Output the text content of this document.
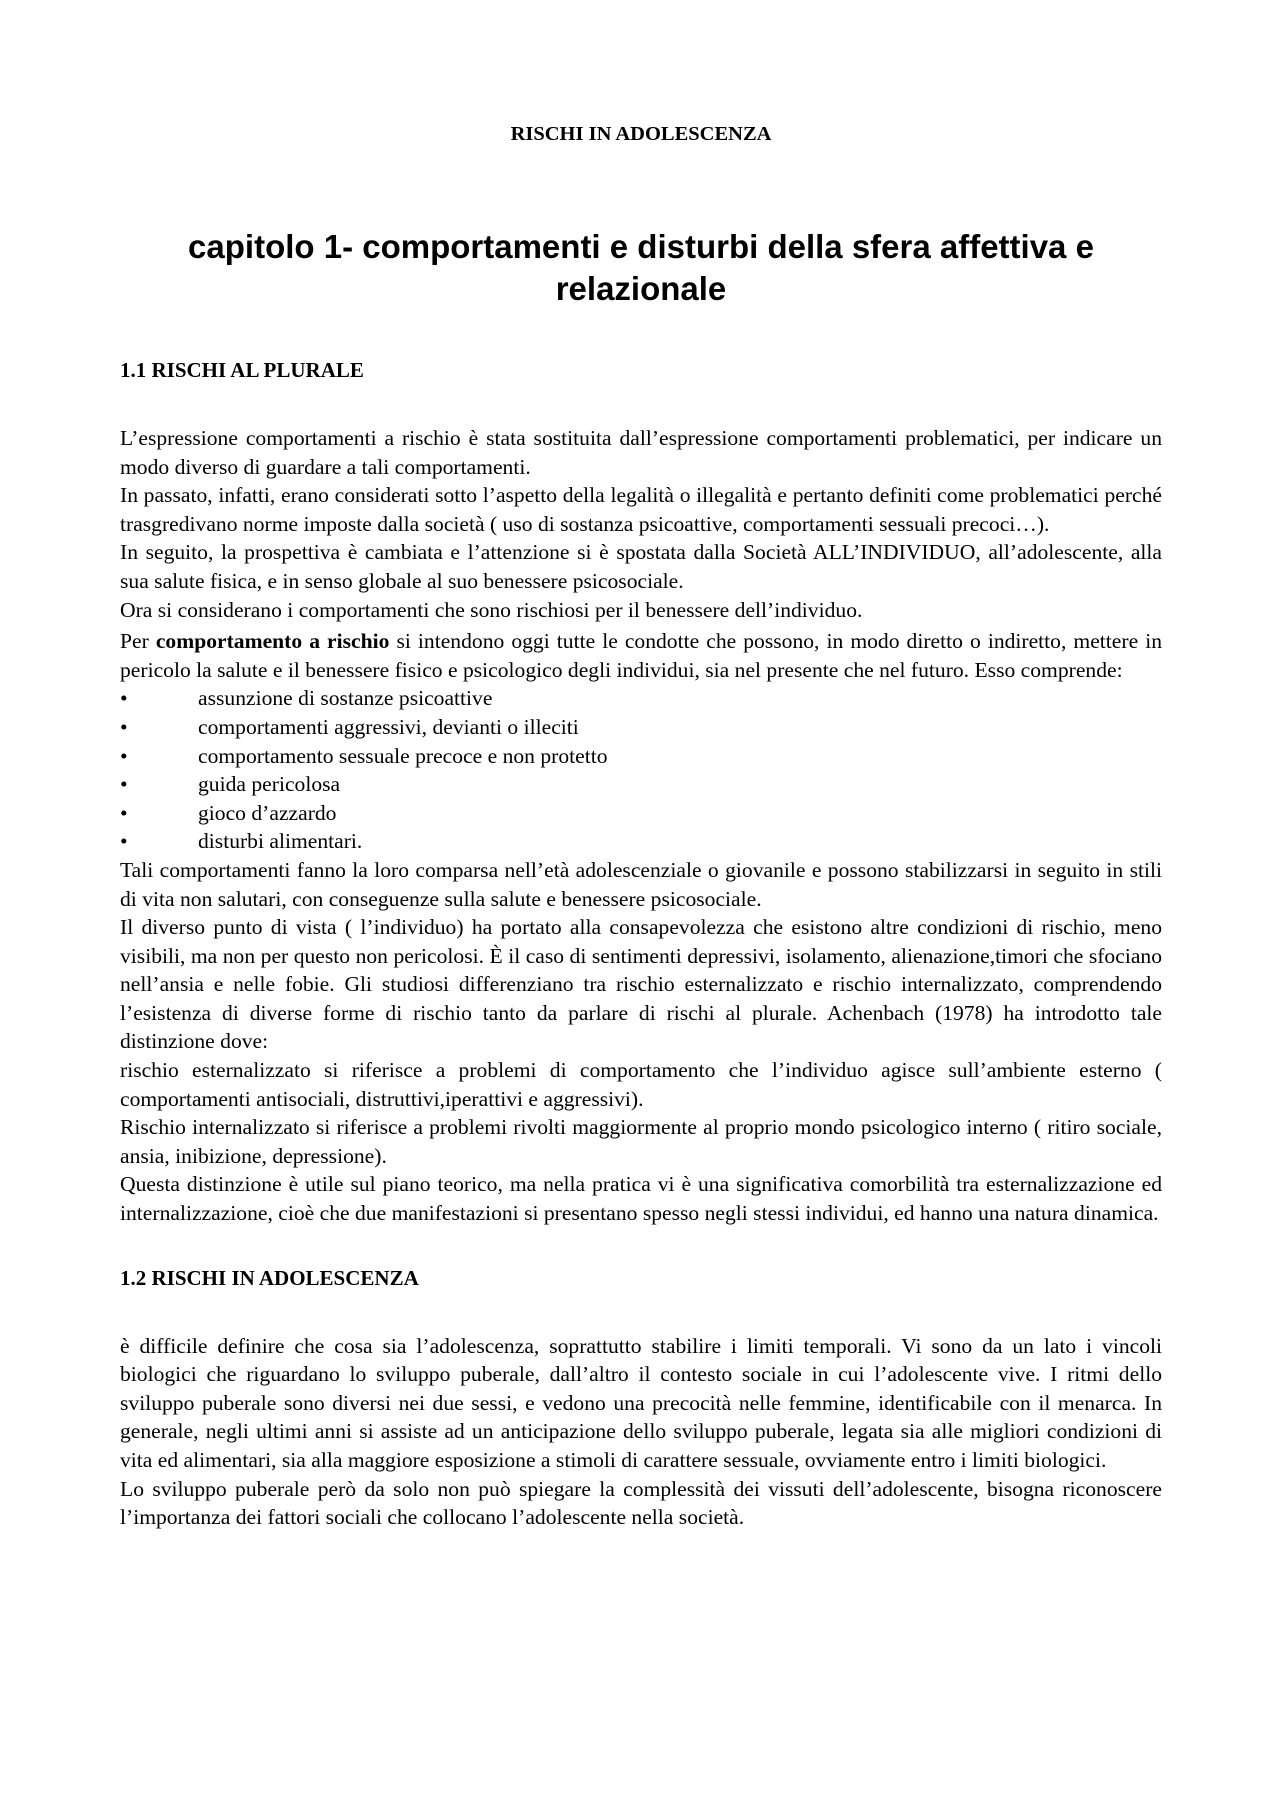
RISCHI IN ADOLESCENZA
capitolo 1- comportamenti e disturbi della sfera affettiva e
relazionale
1.1 RISCHI AL PLURALE

L’espressione comportamenti a rischio è stata sostituita dall’espressione comportamenti problematici, per indicare un modo diverso di guardare a tali comportamenti.

In passato, infatti, erano considerati sotto l’aspetto della legalità o illegalità e pertanto definiti come problematici perché trasgredivano norme imposte dalla società ( uso di sostanza psicoattive, comportamenti sessuali precoci…).

In seguito, la prospettiva è cambiata e l’attenzione si è spostata dalla Società ALL’INDIVIDUO, all’adolescente, alla sua salute fisica, e in senso globale al suo benessere psicosociale.

Ora si considerano i comportamenti che sono rischiosi per il benessere dell’individuo.

Per comportamento a rischio si intendono oggi tutte le condotte che possono, in modo diretto o indiretto, mettere in pericolo la salute e il benessere fisico e psicologico degli individui, sia nel presente che nel futuro. Esso comprende:

•	assunzione di sostanze psicoattive
•	comportamenti aggressivi, devianti o illeciti
•	comportamento sessuale precoce e non protetto
•	guida pericolosa
•	gioco d’azzardo
•	disturbi alimentari.

Tali comportamenti fanno la loro comparsa nell’età adolescenziale o giovanile e possono stabilizzarsi in seguito in stili di vita non salutari, con conseguenze sulla salute e benessere psicosociale.

Il diverso punto di vista ( l’individuo) ha portato alla consapevolezza che esistono altre condizioni di rischio, meno visibili, ma non per questo non pericolosi. È il caso di sentimenti depressivi, isolamento, alienazione,timori che sfociano nell’ansia e nelle fobie. Gli studiosi differenziano tra rischio esternalizzato e rischio internalizzato, comprendendo l’esistenza di diverse forme di rischio tanto da parlare di rischi al plurale. Achenbach (1978) ha introdotto tale distinzione dove:

rischio esternalizzato si riferisce a problemi di comportamento che l’individuo agisce sull’ambiente esterno ( comportamenti antisociali, distruttivi,iperattivi e aggressivi).

Rischio internalizzato si riferisce a problemi rivolti maggiormente al proprio mondo psicologico interno ( ritiro sociale, ansia, inibizione, depressione).

Questa distinzione è utile sul piano teorico, ma nella pratica vi è una significativa comorbilità tra esternalizzazione ed internalizzazione, cioè che due manifestazioni si presentano spesso negli stessi individui, ed hanno una natura dinamica.

1.2 RISCHI IN ADOLESCENZA

è difficile definire che cosa sia l’adolescenza, soprattutto stabilire i limiti temporali. Vi sono da un lato i vincoli biologici che riguardano lo sviluppo puberale, dall’altro il contesto sociale in cui l’adolescente vive. I ritmi dello sviluppo puberale sono diversi nei due sessi, e vedono una precocità nelle femmine, identificabile con il menarca. In generale, negli ultimi anni si assiste ad un anticipazione dello sviluppo puberale, legata sia alle migliori condizioni di vita ed alimentari, sia alla maggiore esposizione a stimoli di carattere sessuale, ovviamente entro i limiti biologici.

Lo sviluppo puberale però da solo non può spiegare la complessità dei vissuti dell’adolescente, bisogna riconoscere l’importanza dei fattori sociali che collocano l’adolescente nella società.
